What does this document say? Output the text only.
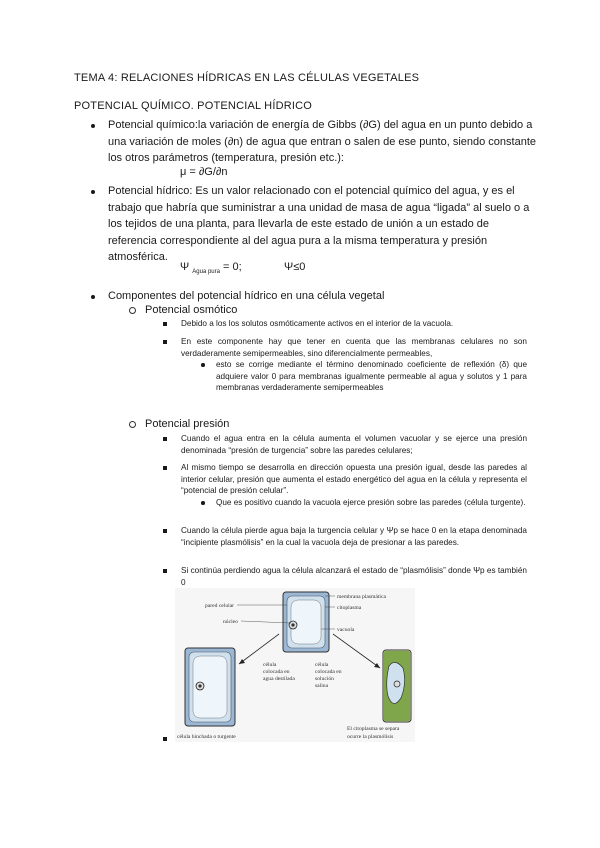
TEMA 4: RELACIONES HÍDRICAS EN LAS CÉLULAS VEGETALES
POTENCIAL QUÍMICO. POTENCIAL HÍDRICO
Potencial químico:la variación de energía de Gibbs (∂G) del agua en un punto debido a una variación de moles (∂n) de agua que entran o salen de ese punto, siendo constante los otros parámetros (temperatura, presión etc.):
μ = ∂G/∂n
Potencial hídrico: Es un valor relacionado con el potencial químico del agua, y es el trabajo que habría que suministrar a una unidad de masa de agua “ligada” al suelo o a los tejidos de una planta, para llevarla de este estado de unión a un estado de referencia correspondiente al del agua pura a la misma temperatura y presión atmosférica.
Ψ $_{Agua pura}$ = 0;	Ψ≤0
Componentes del potencial hídrico en una célula vegetal
Potencial osmótico
Debido a los los solutos osmóticamente activos en el interior de la vacuola.
En este componente hay que tener en cuenta que las membranas celulares no son verdaderamente semipermeables, sino diferencialmente permeables,
esto se corrige mediante el término denominado coeficiente de reflexión (δ) que adquiere valor 0 para membranas igualmente permeable al agua y solutos y 1 para membranas verdaderamente semipermeables
Potencial presión
Cuando el agua entra en la célula aumenta el volumen vacuolar y se ejerce una presión denominada “presión de turgencia” sobre las paredes celulares;
Al mismo tiempo se desarrolla en dirección opuesta una presión igual, desde las paredes al interior celular, presión que aumenta el estado energético del agua en la célula y representa el “potencial de presión celular”.
Que es positivo cuando la vacuola ejerce presión sobre las paredes (célula turgente).
Cuando la célula pierde agua baja la turgencia celular y Ψp se hace 0 en la etapa denominada “incipiente plasmólisis” en la cual la vacuola deja de presionar a las paredes.
Si continúa perdiendo agua la célula alcanzará el estado de “plasmólisis” donde Ψp es también 0
membrana plasmática
citoplasma
pared celular
núcleo
vacuola
célula
colocada en
agua destilada
célula
colocada en
solución
salina
célula hinchada o turgente
El citoplasma se separa
ocurre la plasmólisis
